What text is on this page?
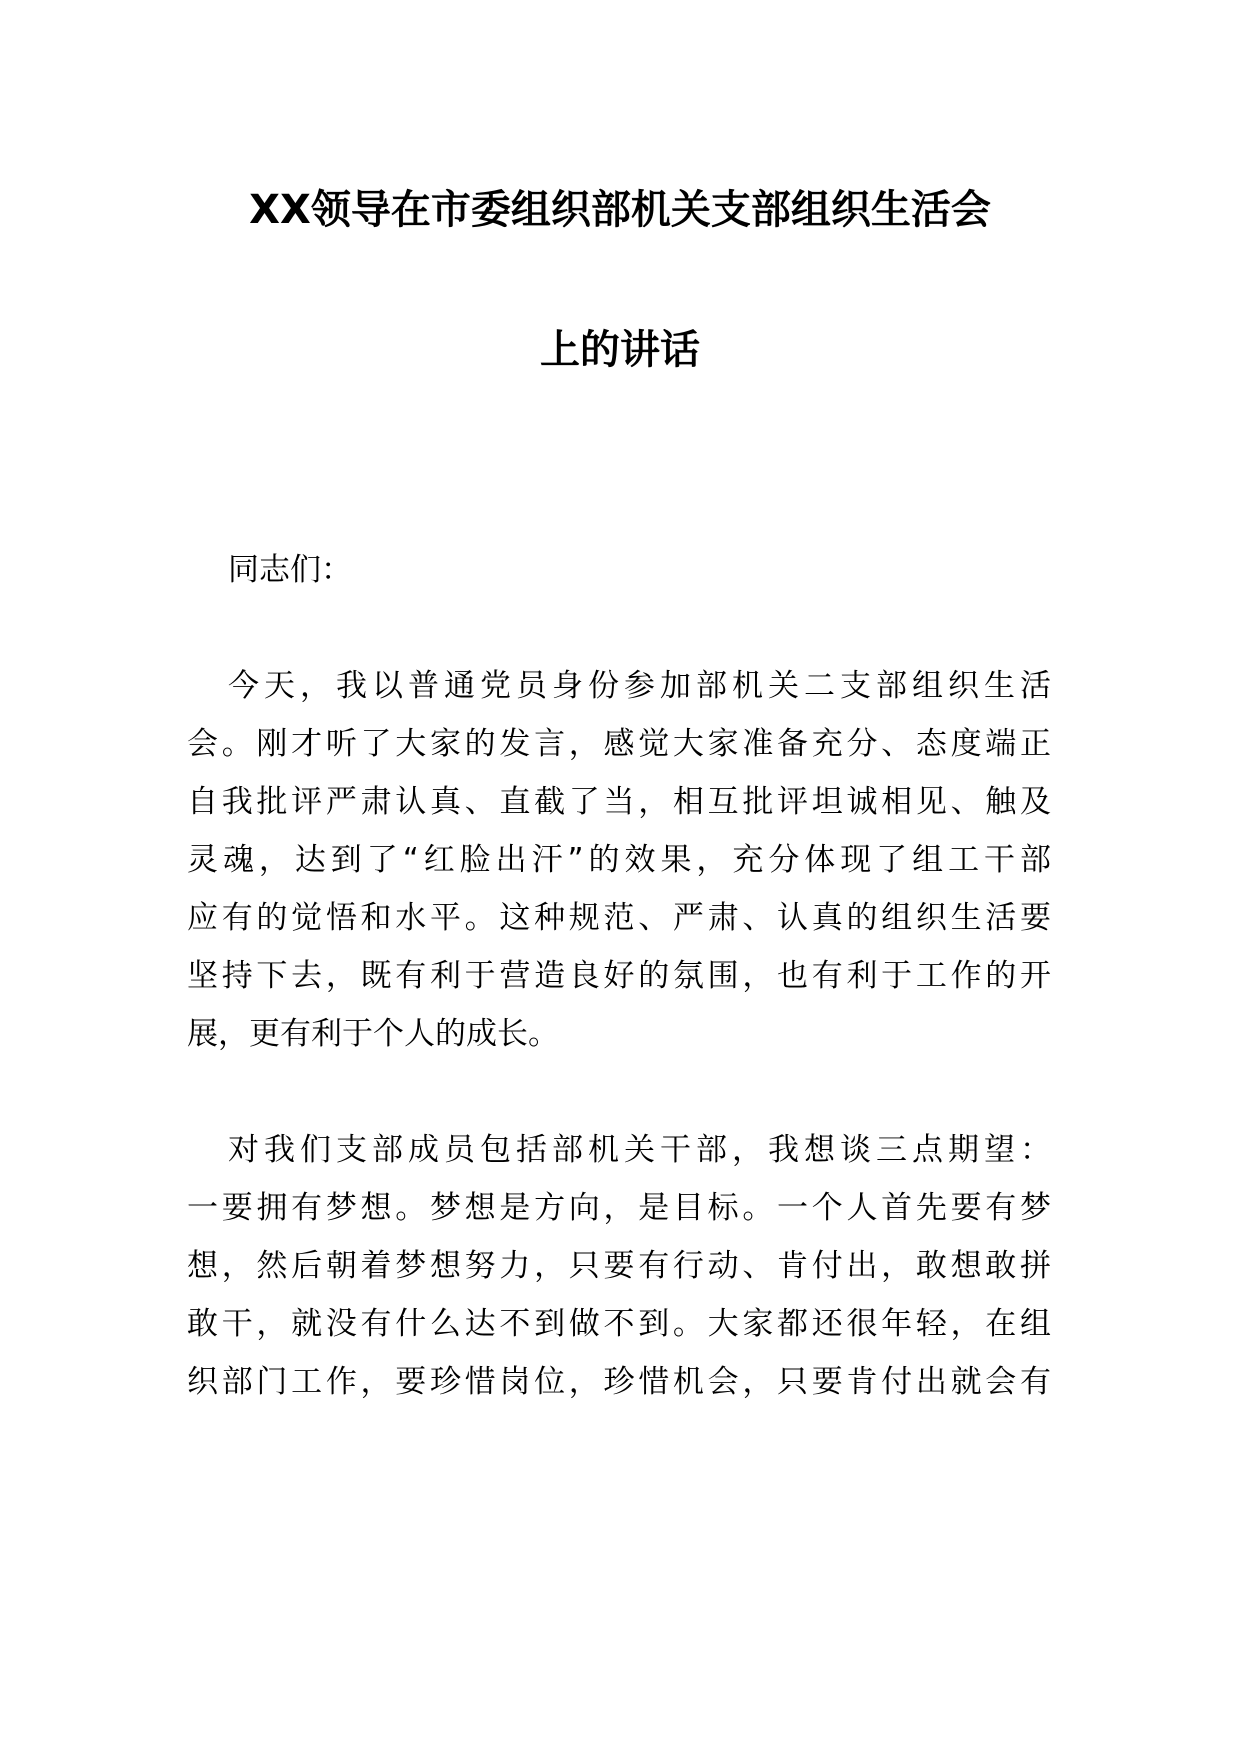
XX领导在市委组织部机关支部组织生活会
上的讲话
同志们：
今天，我以普通党员身份参加部机关二支部组织生活
会。刚才听了大家的发言，感觉大家准备充分、态度端正
自我批评严肃认真、直截了当，相互批评坦诚相见、触及
灵魂，达到了“红脸出汗”的效果，充分体现了组工干部
应有的觉悟和水平。这种规范、严肃、认真的组织生活要
坚持下去，既有利于营造良好的氛围，也有利于工作的开
展，更有利于个人的成长。
对我们支部成员包括部机关干部，我想谈三点期望：
一要拥有梦想。梦想是方向，是目标。一个人首先要有梦
想，然后朝着梦想努力，只要有行动、肯付出，敢想敢拼
敢干，就没有什么达不到做不到。大家都还很年轻，在组
织部门工作，要珍惜岗位，珍惜机会，只要肯付出就会有
